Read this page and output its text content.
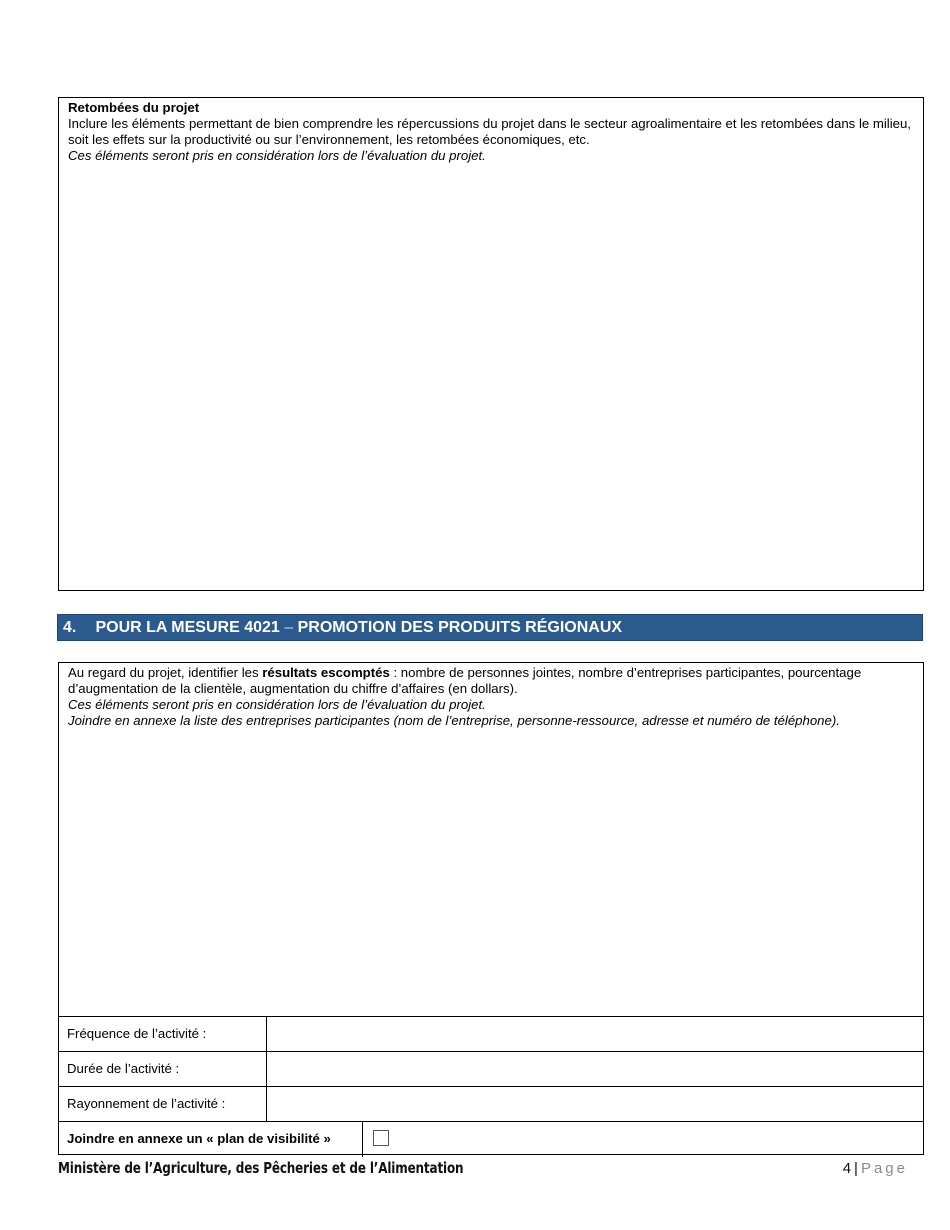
Retombées du projet
Inclure les éléments permettant de bien comprendre les répercussions du projet dans le secteur agroalimentaire et les retombées dans le milieu, soit les effets sur la productivité ou sur l’environnement, les retombées économiques, etc.
Ces éléments seront pris en considération lors de l’évaluation du projet.
4. POUR LA MESURE 4021 – PROMOTION DES PRODUITS RÉGIONAUX
Au regard du projet, identifier les résultats escomptés : nombre de personnes jointes, nombre d’entreprises participantes, pourcentage d’augmentation de la clientèle, augmentation du chiffre d’affaires (en dollars).
Ces éléments seront pris en considération lors de l’évaluation du projet.
Joindre en annexe la liste des entreprises participantes (nom de l’entreprise, personne-ressource, adresse et numéro de téléphone).
Fréquence de l’activité :
Durée de l’activité :
Rayonnement de l’activité :
Joindre en annexe un « plan de visibilité »
Ministère de l’Agriculture, des Pêcheries et de l’Alimentation	4 | Page
